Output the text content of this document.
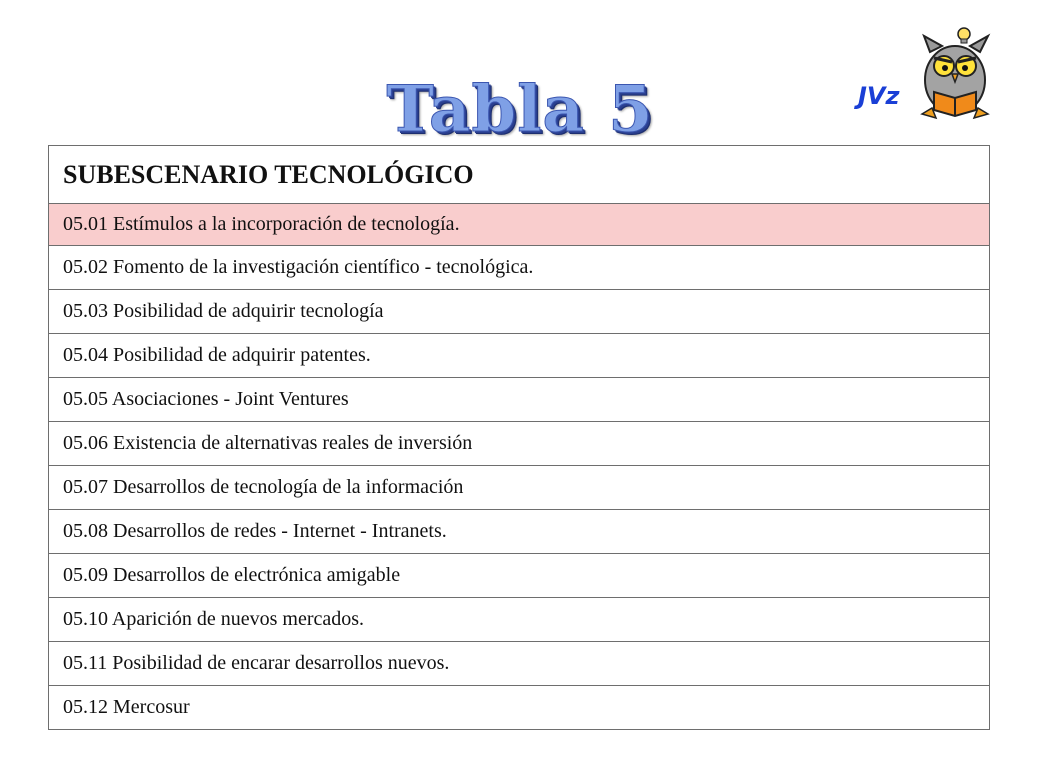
Tabla 5	JVz
SUBESCENARIO TECNOLÓGICO
05.01 Estímulos a la incorporación de tecnología.
05.02 Fomento de la investigación científico - tecnológica.
05.03 Posibilidad de adquirir tecnología
05.04 Posibilidad de adquirir patentes.
05.05 Asociaciones - Joint Ventures
05.06 Existencia de alternativas reales de inversión
05.07 Desarrollos de tecnología de la información
05.08 Desarrollos de redes - Internet - Intranets.
05.09 Desarrollos de electrónica amigable
05.10 Aparición de nuevos mercados.
05.11 Posibilidad de encarar desarrollos nuevos.
05.12 Mercosur
